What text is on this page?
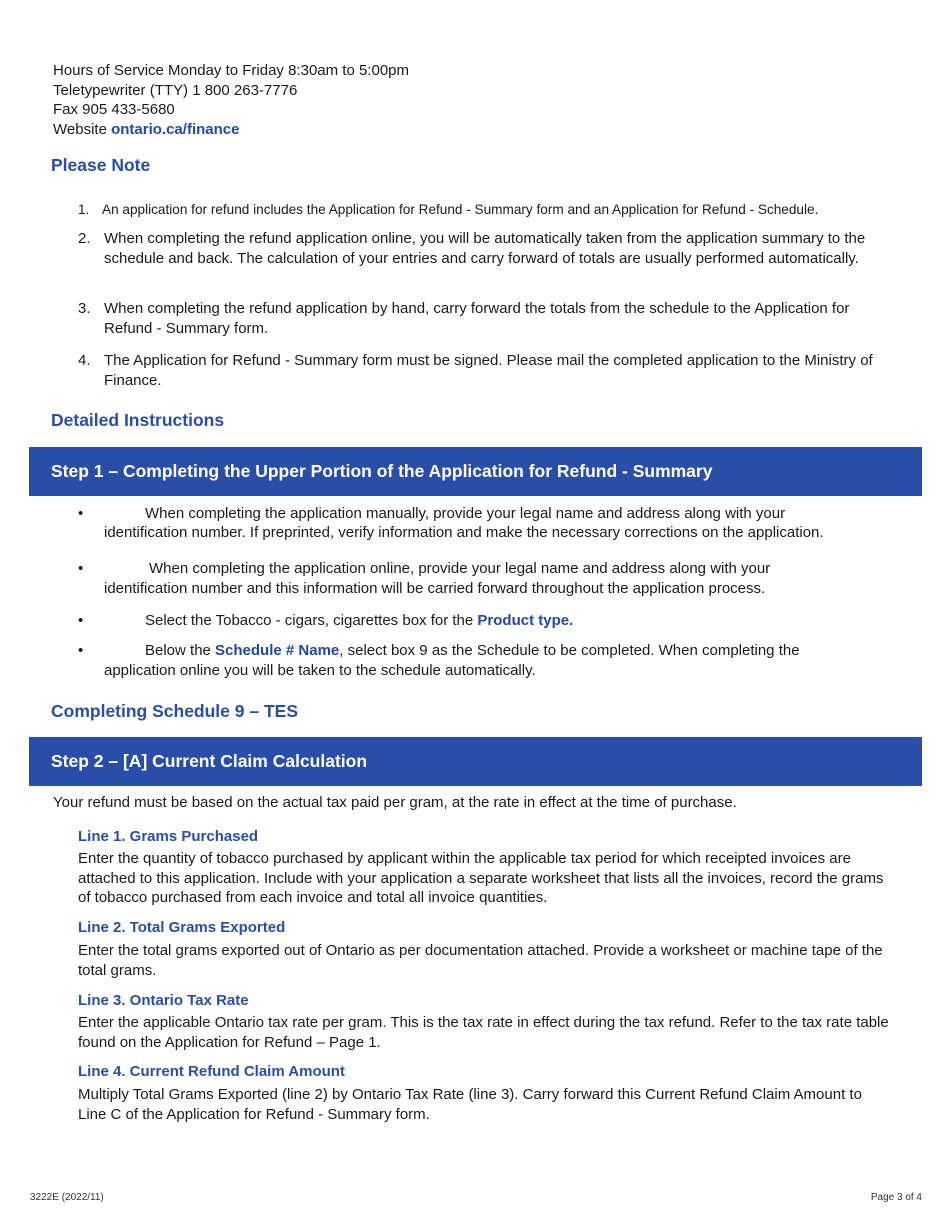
Hours of Service Monday to Friday 8:30am to 5:00pm
Teletypewriter (TTY) 1 800 263-7776
Fax 905 433-5680
Website ontario.ca/finance
Please Note
1. An application for refund includes the Application for Refund - Summary form and an Application for Refund - Schedule.
2. When completing the refund application online, you will be automatically taken from the application summary to the schedule and back. The calculation of your entries and carry forward of totals are usually performed automatically.
3. When completing the refund application by hand, carry forward the totals from the schedule to the Application for Refund - Summary form.
4. The Application for Refund - Summary form must be signed. Please mail the completed application to the Ministry of Finance.
Detailed Instructions
Step 1 – Completing the Upper Portion of the Application for Refund - Summary
•	When completing the application manually, provide your legal name and address along with your
identification number. If preprinted, verify information and make the necessary corrections on the application.
•	When completing the application online, provide your legal name and address along with your
identification number and this information will be carried forward throughout the application process.
•	Select the Tobacco - cigars, cigarettes box for the Product type.
•	Below the Schedule # Name, select box 9 as the Schedule to be completed. When completing the
application online you will be taken to the schedule automatically.
Completing Schedule 9 – TES
Step 2 – [A] Current Claim Calculation
Your refund must be based on the actual tax paid per gram, at the rate in effect at the time of purchase.
Line 1. Grams Purchased
Enter the quantity of tobacco purchased by applicant within the applicable tax period for which receipted invoices are attached to this application. Include with your application a separate worksheet that lists all the invoices, record the grams of tobacco purchased from each invoice and total all invoice quantities.
Line 2. Total Grams Exported
Enter the total grams exported out of Ontario as per documentation attached. Provide a worksheet or machine tape of the total grams.
Line 3. Ontario Tax Rate
Enter the applicable Ontario tax rate per gram. This is the tax rate in effect during the tax refund. Refer to the tax rate table found on the Application for Refund – Page 1.
Line 4. Current Refund Claim Amount
Multiply Total Grams Exported (line 2) by Ontario Tax Rate (line 3). Carry forward this Current Refund Claim Amount to Line C of the Application for Refund - Summary form.
3222E (2022/11)	Page 3 of 4
